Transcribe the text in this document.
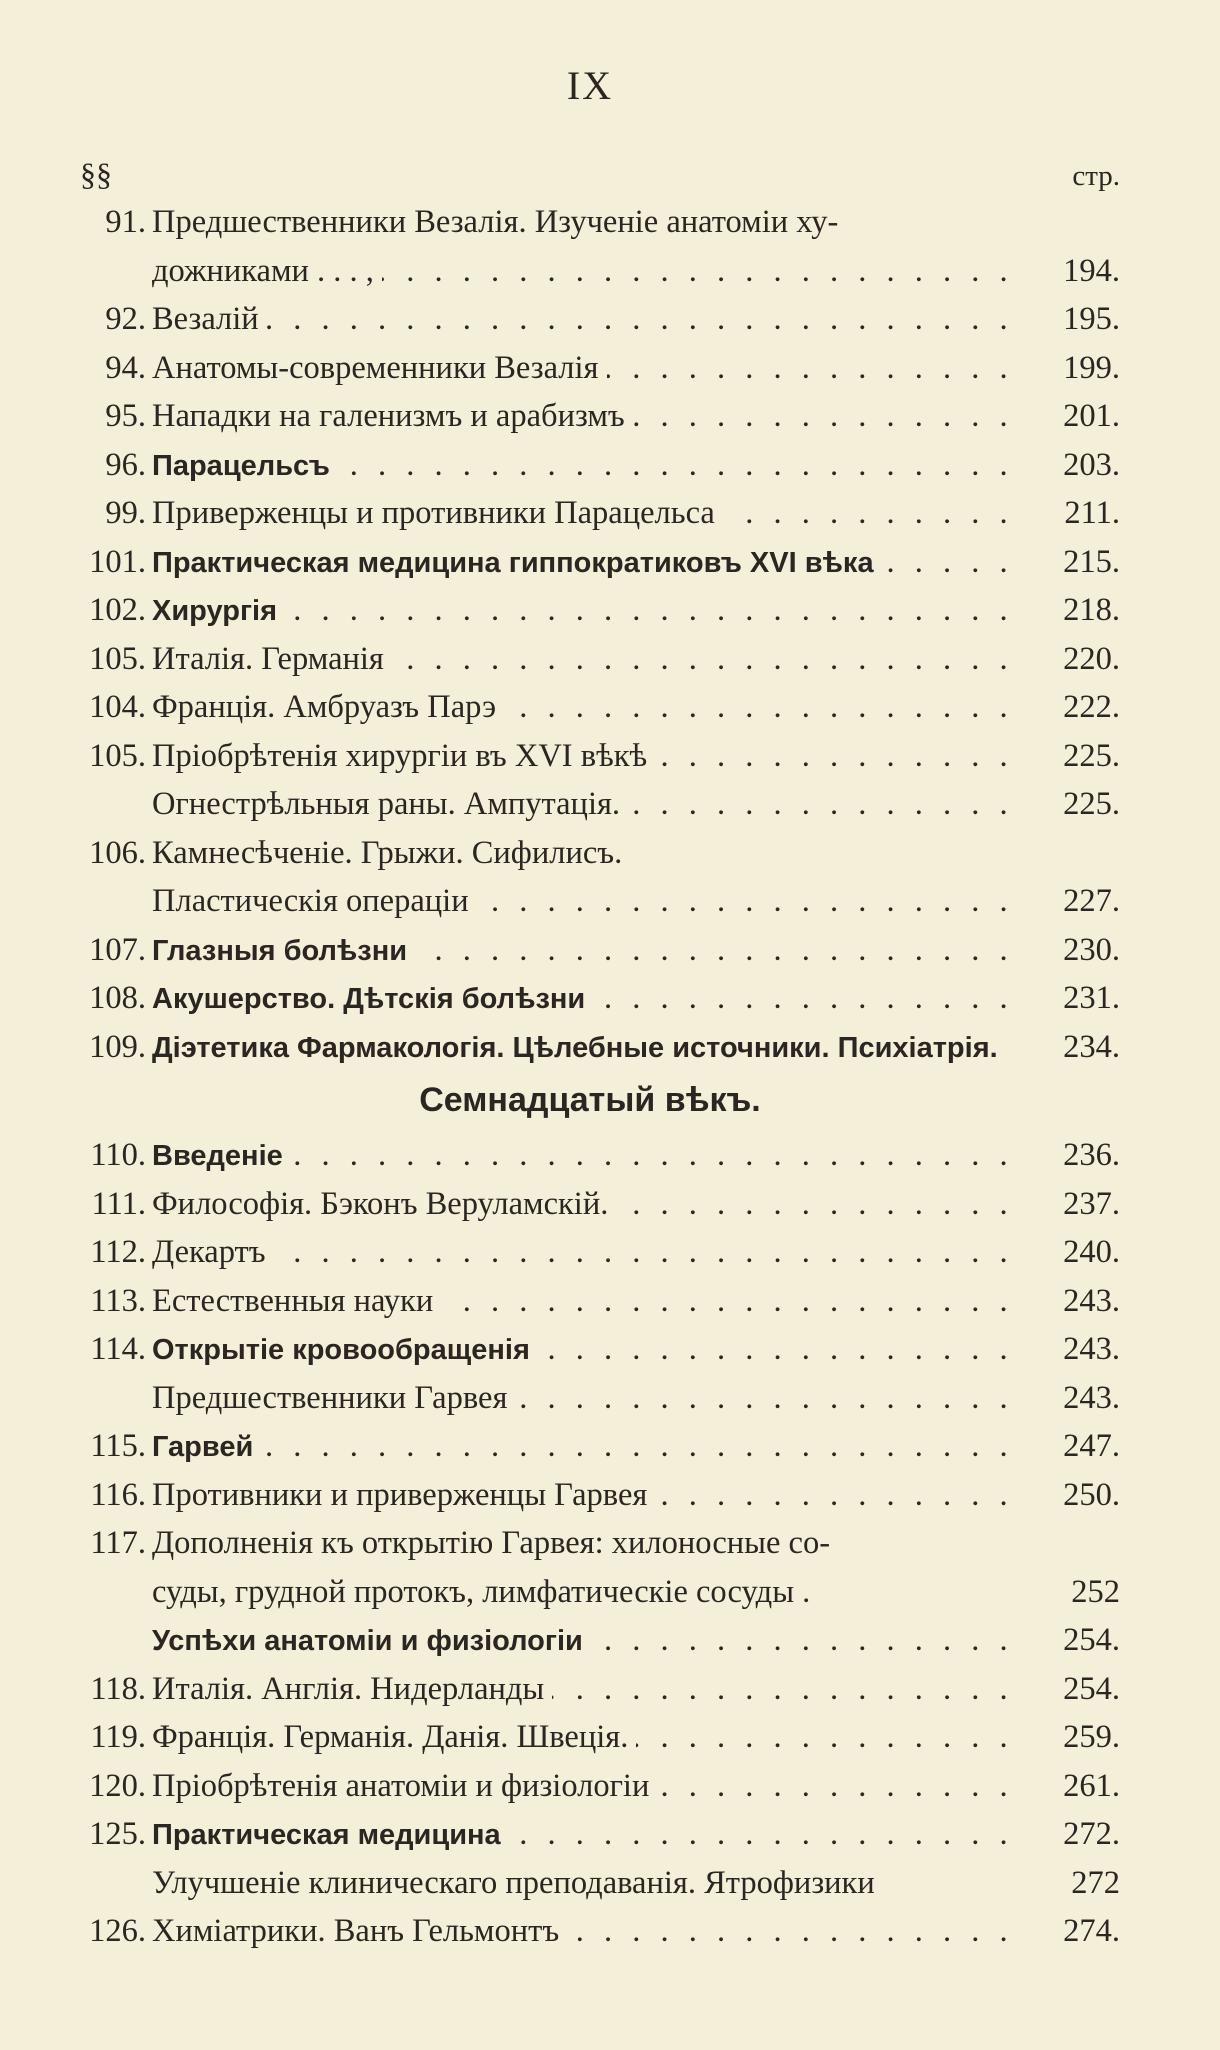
IX
§§	стр.
91. Предшественники Везалія. Изученіе анатоміи ху-
дожниками . . . , . . .	194.
92. Везалій . . .	195.
94. Анатомы-современники Везалія . . .	199.
95. Нападки на галенизмъ и арабизмъ . . .	201.
96. Парацельсъ . . .	203.
99. Приверженцы и противники Парацельса . . .	211.
101. Практическая медицина гиппократиковъ XVI вѣка . . .	215.
102. Хирургія . . .	218.
105. Италія. Германія . . .	220.
104. Франція. Амбруазъ Парэ . . .	222.
105. Пріобрѣтенія хирургіи въ XVI вѣкѣ . . .	225.
Огнестрѣльныя раны. Ампутація. . . .	225.
106. Камнесѣченіе. Грыжи. Сифилисъ.
Пластическія операціи . . .	227.
107. Глазныя болѣзни . . .	230.
108. Акушерство. Дѣтскія болѣзни . . .	231.
109. Діэтетика Фармакологія. Цѣлебные источники. Психіатрія.	234.
Семнадцатый вѣкъ.
110. Введеніе . . .	236.
111. Философія. Бэконъ Веруламскій. . . .	237.
112. Декартъ . . .	240.
113. Естественныя науки . . .	243.
114. Открытіе кровообращенія . . .	243.
Предшественники Гарвея . . .	243.
115. Гарвей . . .	247.
116. Противники и приверженцы Гарвея . . .	250.
117. Дополненія къ открытію Гарвея: хилоносные со-
суды, грудной протокъ, лимфатическіе сосуды .	252
Успѣхи анатоміи и физіологіи . . .	254.
118. Италія. Англія. Нидерланды . . .	254.
119. Франція. Германія. Данія. Швеція. . . .	259.
120. Пріобрѣтенія анатоміи и физіологіи . . .	261.
125. Практическая медицина . . .	272.
Улучшеніе клиническаго преподаванія. Ятрофизики	272
126. Химіатрики. Ванъ Гельмонтъ . . .	274.
